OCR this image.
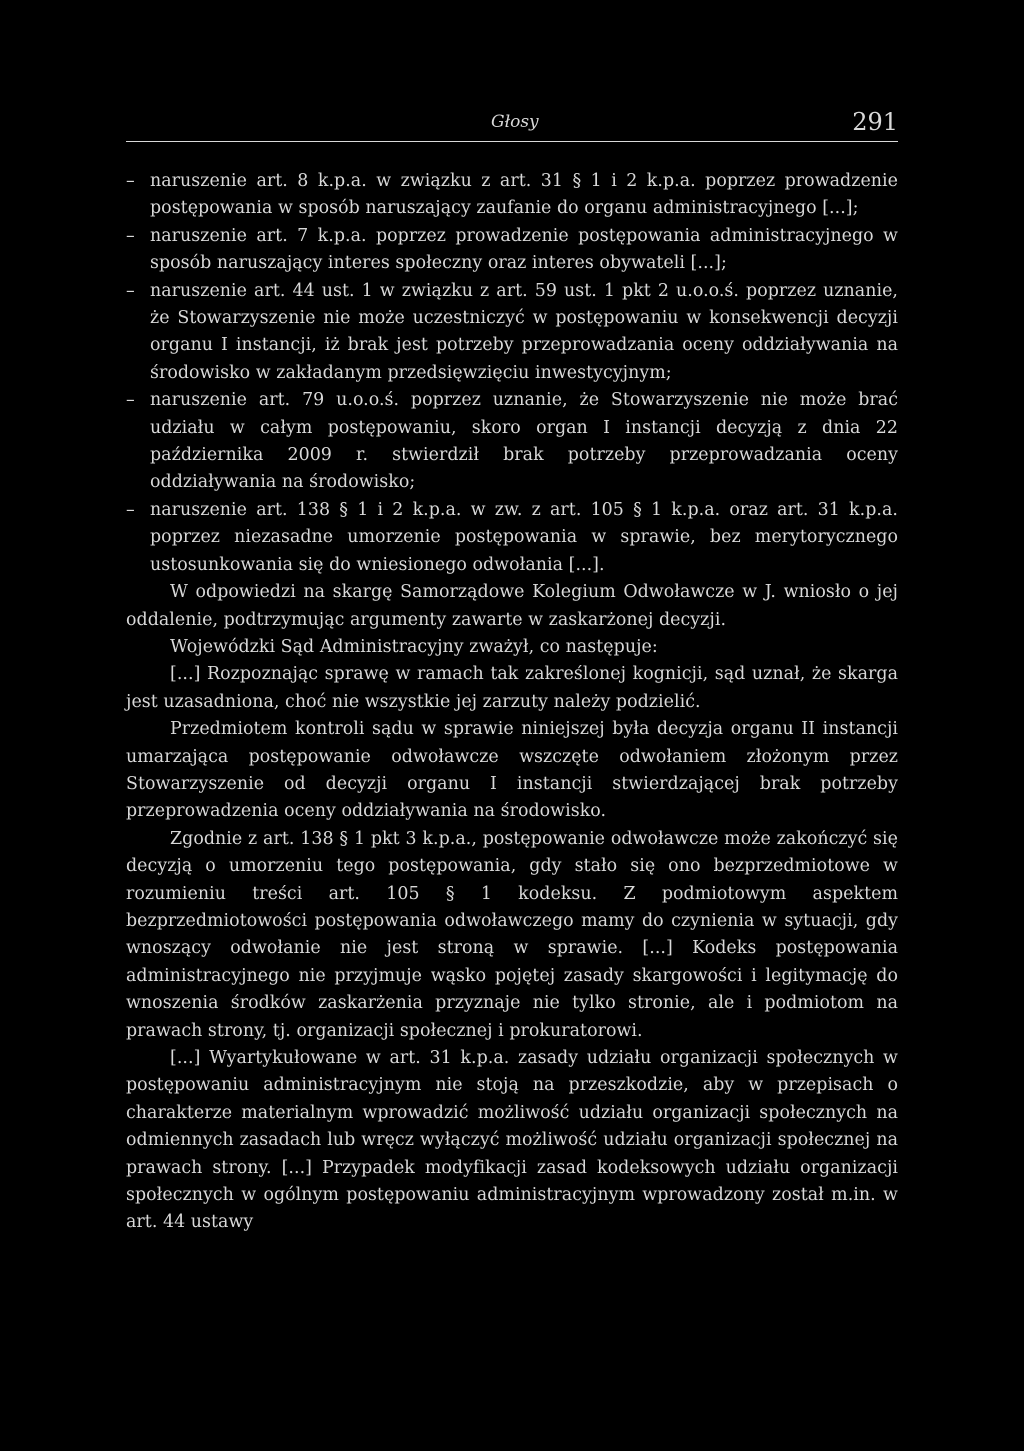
Głosy	291

– naruszenie art. 8 k.p.a. w związku z art. 31 § 1 i 2 k.p.a. poprzez prowadzenie postępowania w sposób naruszający zaufanie do organu administracyjnego [...];

– naruszenie art. 7 k.p.a. poprzez prowadzenie postępowania administracyjnego w sposób naruszający interes społeczny oraz interes obywateli [...];

– naruszenie art. 44 ust. 1 w związku z art. 59 ust. 1 pkt 2 u.o.o.ś. poprzez uznanie, że Stowarzyszenie nie może uczestniczyć w postępowaniu w konsekwencji decyzji organu I instancji, iż brak jest potrzeby przeprowadzania oceny oddziaływania na środowisko w zakładanym przedsięwzięciu inwestycyjnym;

– naruszenie art. 79 u.o.o.ś. poprzez uznanie, że Stowarzyszenie nie może brać udziału w całym postępowaniu, skoro organ I instancji decyzją z dnia 22 października 2009 r. stwierdził brak potrzeby przeprowadzania oceny oddziaływania na środowisko;

– naruszenie art. 138 § 1 i 2 k.p.a. w zw. z art. 105 § 1 k.p.a. oraz art. 31 k.p.a. poprzez niezasadne umorzenie postępowania w sprawie, bez merytorycznego ustosunkowania się do wniesionego odwołania [...].

W odpowiedzi na skargę Samorządowe Kolegium Odwoławcze w J. wniosło o jej oddalenie, podtrzymując argumenty zawarte w zaskarżonej decyzji.

Wojewódzki Sąd Administracyjny zważył, co następuje:

[...] Rozpoznając sprawę w ramach tak zakreślonej kognicji, sąd uznał, że skarga jest uzasadniona, choć nie wszystkie jej zarzuty należy podzielić.

Przedmiotem kontroli sądu w sprawie niniejszej była decyzja organu II instancji umarzająca postępowanie odwoławcze wszczęte odwołaniem złożonym przez Stowarzyszenie od decyzji organu I instancji stwierdzającej brak potrzeby przeprowadzenia oceny oddziaływania na środowisko.

Zgodnie z art. 138 § 1 pkt 3 k.p.a., postępowanie odwoławcze może zakończyć się decyzją o umorzeniu tego postępowania, gdy stało się ono bezprzedmiotowe w rozumieniu treści art. 105 § 1 kodeksu. Z podmiotowym aspektem bezprzedmiotowości postępowania odwoławczego mamy do czynienia w sytuacji, gdy wnoszący odwołanie nie jest stroną w sprawie. [...] Kodeks postępowania administracyjnego nie przyjmuje wąsko pojętej zasady skargowości i legitymację do wnoszenia środków zaskarżenia przyznaje nie tylko stronie, ale i podmiotom na prawach strony, tj. organizacji społecznej i prokuratorowi.

[...] Wyartykułowane w art. 31 k.p.a. zasady udziału organizacji społecznych w postępowaniu administracyjnym nie stoją na przeszkodzie, aby w przepisach o charakterze materialnym wprowadzić możliwość udziału organizacji społecznych na odmiennych zasadach lub wręcz wyłączyć możliwość udziału organizacji społecznej na prawach strony. [...] Przypadek modyfikacji zasad kodeksowych udziału organizacji społecznych w ogólnym postępowaniu administracyjnym wprowadzony został m.in. w art. 44 ustawy
